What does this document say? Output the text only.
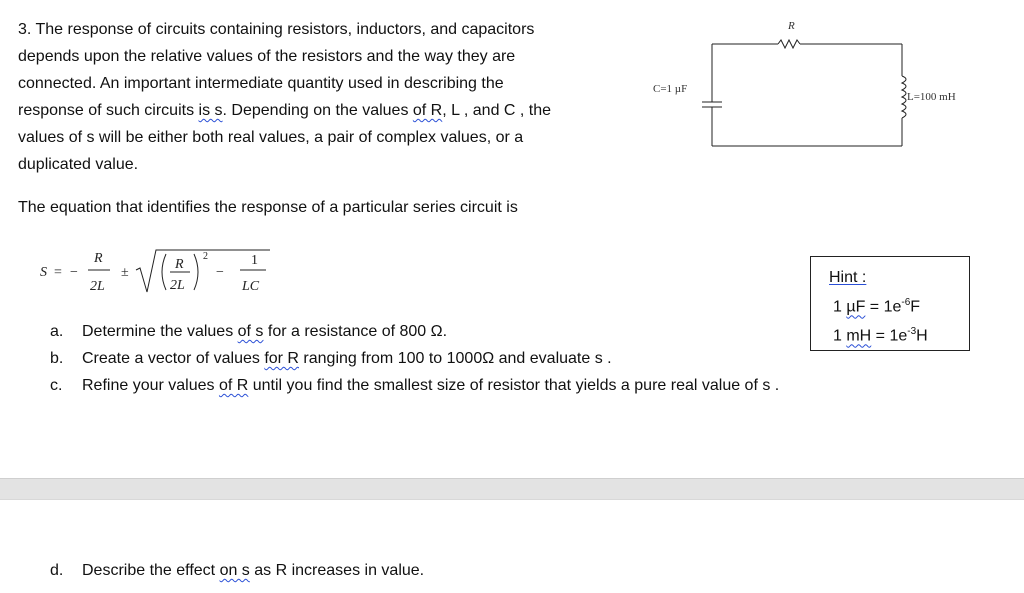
3. The response of circuits containing resistors, inductors, and capacitors
depends upon the relative values of the resistors and the way they are
connected. An important intermediate quantity used in describing the
response of such circuits is s. Depending on the values of R, L , and C , the
values of s will be either both real values, a pair of complex values, or a
duplicated value.
R
L=100 mH
C=1 µF
The equation that identifies the response of a particular series circuit is
S = −
R
2L
±
R
2L
2
−
1
LC
Hint :
1 $\mu F = 1e^{-6}F$
1 mH = $1e^{-3}H$
a. Determine the values of s for a resistance of 800 Ω.
b. Create a vector of values for R ranging from 100 to 1000Ω and evaluate s .
c. Refine your values of R until you find the smallest size of resistor that yields a pure real value of s .
d. Describe the effect on s as R increases in value.
